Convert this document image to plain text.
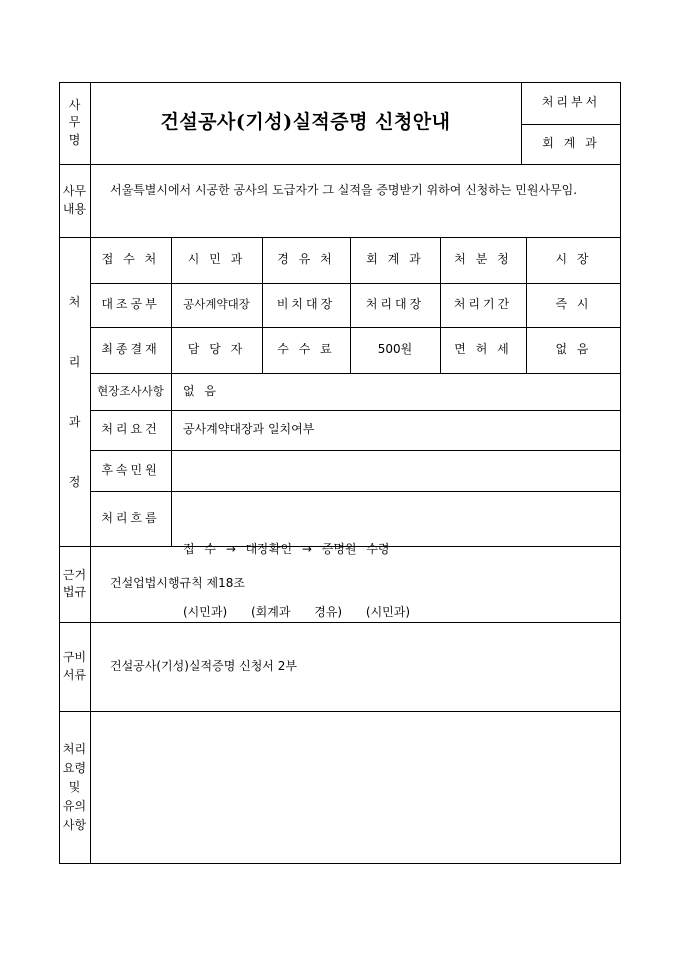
사
무
명
건설공사(기성)실적증명 신청안내
처리부서
회 계 과
사무
내용
서울특별시에서 시공한 공사의 도급자가 그 실적을 증명받기 위하여 신청하는 민원사무임.
처
리
과
정
접 수 처	시 민 과	경 유 처	회 계 과	처 분 청	시 장
대조공부	공사계약대장	비치대장	처리대장	처리기간	즉 시
최종결재	담 당 자	수 수 료	500원	면 허 세	없 음
현장조사사항	없 음
처리요건	공사계약대장과 일치여부
후속민원
처리흐름

접 수 → 대장확인 → 증명원 수령

(시민과) (회계과 경유) (시민과)

근거
법규
건설업법시행규칙 제18조
구비
서류
건설공사(기성)실적증명 신청서 2부
처리
요령
및
유의
사항
